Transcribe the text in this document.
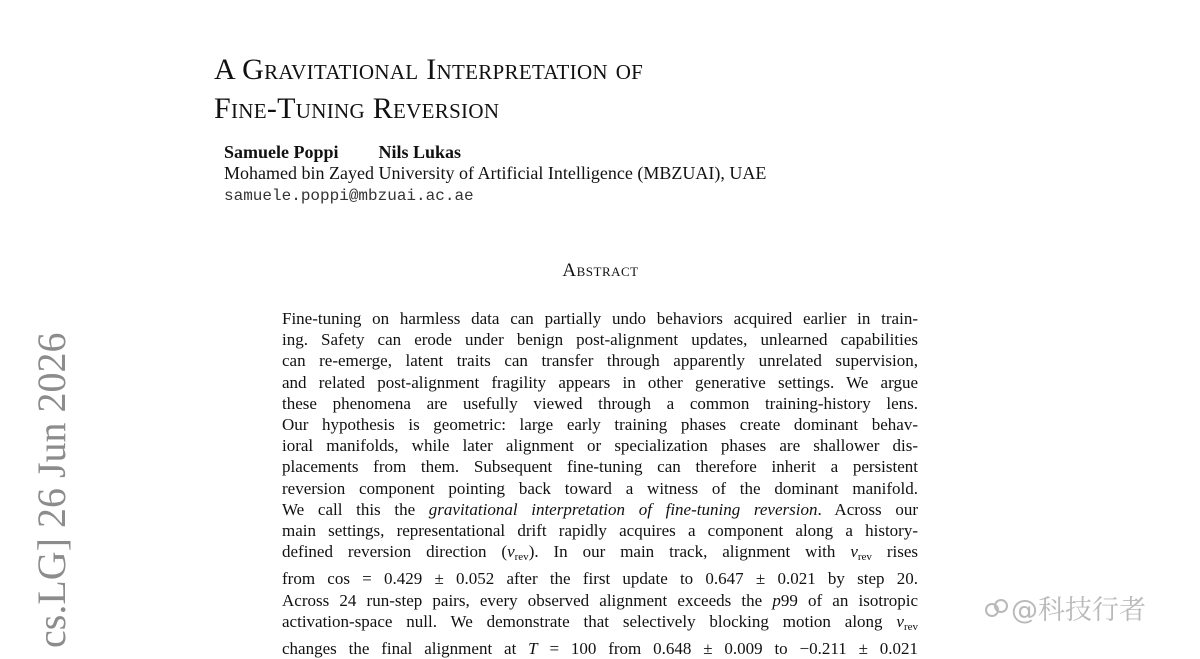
A Gravitational Interpretation of
Fine-Tuning Reversion
Samuele Poppi Nils Lukas
Mohamed bin Zayed University of Artificial Intelligence (MBZUAI), UAE
samuele.poppi@mbzuai.ac.ae
Abstract
Fine-tuning on harmless data can partially undo behaviors acquired earlier in train-
ing. Safety can erode under benign post-alignment updates, unlearned capabilities
can re-emerge, latent traits can transfer through apparently unrelated supervision,
and related post-alignment fragility appears in other generative settings. We argue
these phenomena are usefully viewed through a common training-history lens.
Our hypothesis is geometric: large early training phases create dominant behav-
ioral manifolds, while later alignment or specialization phases are shallower dis-
placements from them. Subsequent fine-tuning can therefore inherit a persistent
reversion component pointing back toward a witness of the dominant manifold.
We call this the gravitational interpretation of fine-tuning reversion. Across our
main settings, representational drift rapidly acquires a component along a history-
defined reversion direction $(v_{rev})$. In our main track, alignment with $v_{rev}$ rises
from cos = 0.429 ± 0.052 after the first update to 0.647 ± 0.021 by step 20.
Across 24 run-step pairs, every observed alignment exceeds the p99 of an isotropic
activation-space null. We demonstrate that selectively blocking motion along $v_{rev}$
changes the final alignment at T = 100 from 0.648 ± 0.009 to −0.211 ± 0.021
cs.LG] 26 Jun 2026	@科技行者
